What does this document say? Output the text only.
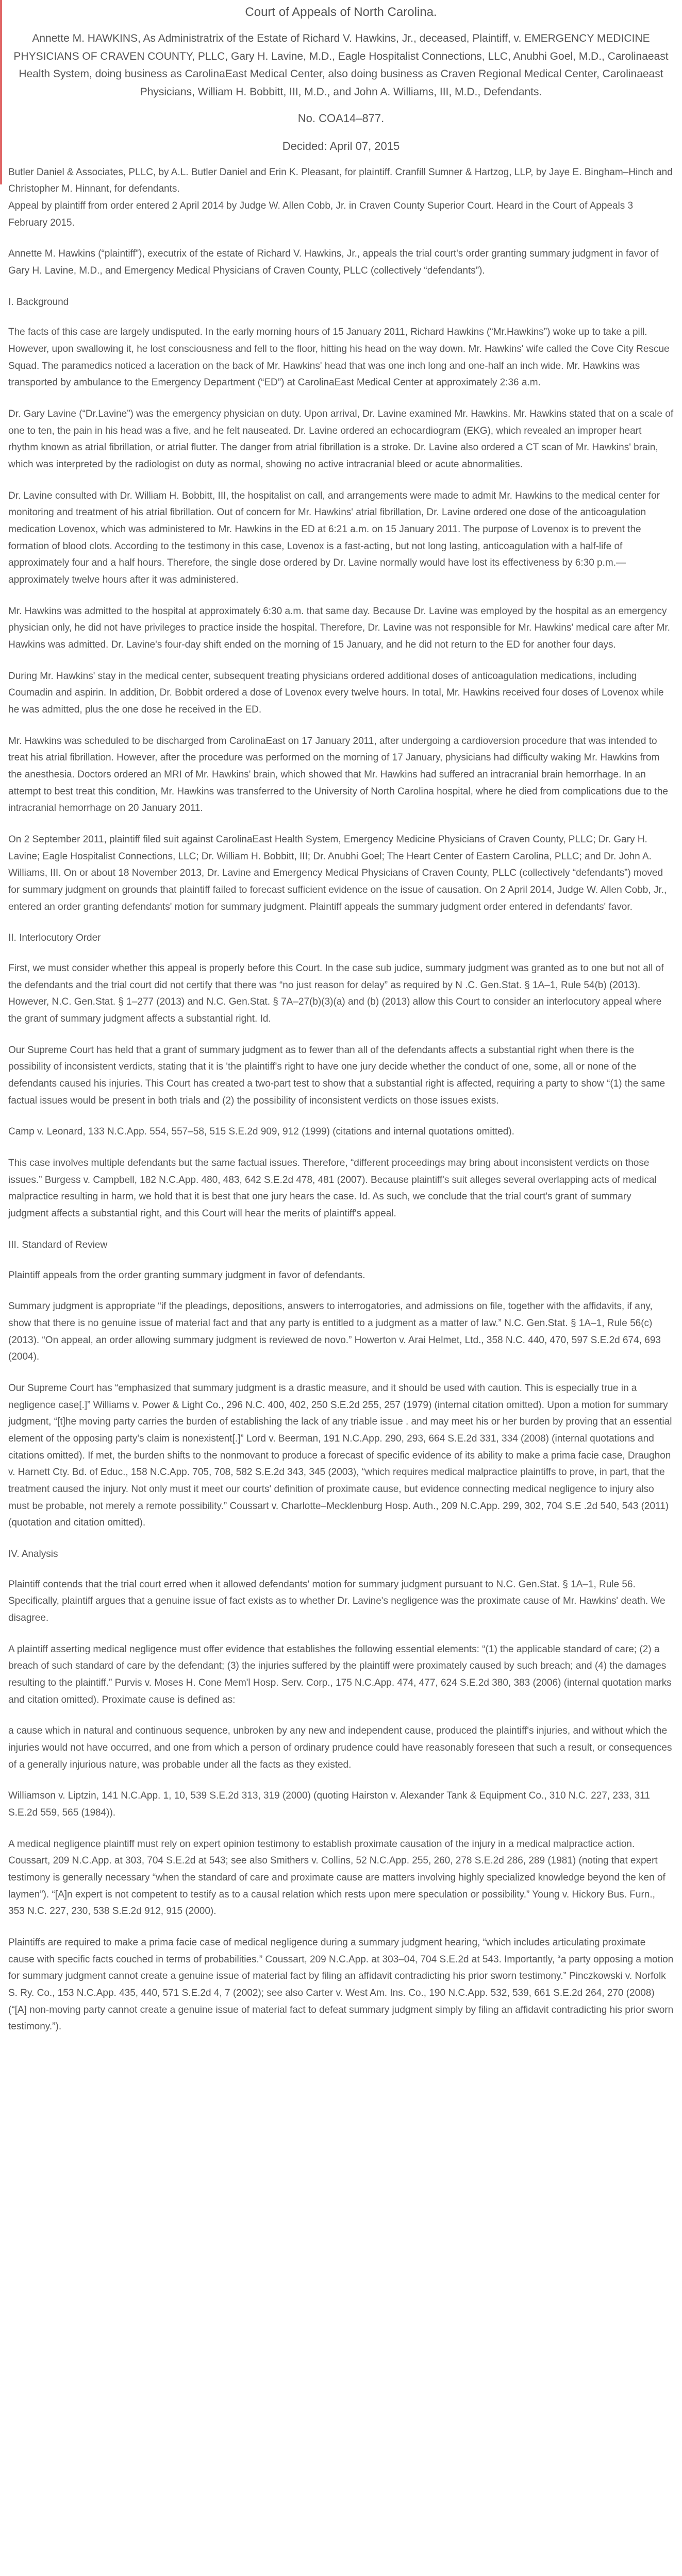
Court of Appeals of North Carolina.
Annette M. HAWKINS, As Administratrix of the Estate of Richard V. Hawkins, Jr., deceased, Plaintiff, v. EMERGENCY MEDICINE PHYSICIANS OF CRAVEN COUNTY, PLLC, Gary H. Lavine, M.D., Eagle Hospitalist Connections, LLC, Anubhi Goel, M.D., Carolinaeast Health System, doing business as CarolinaEast Medical Center, also doing business as Craven Regional Medical Center, Carolinaeast Physicians, William H. Bobbitt, III, M.D., and John A. Williams, III, M.D., Defendants.
No. COA14–877.
Decided: April 07, 2015

Butler Daniel & Associates, PLLC, by A.L. Butler Daniel and Erin K. Pleasant, for plaintiff. Cranfill Sumner & Hartzog, LLP, by Jaye E. Bingham–Hinch and Christopher M. Hinnant, for defendants.
Appeal by plaintiff from order entered 2 April 2014 by Judge W. Allen Cobb, Jr. in Craven County Superior Court. Heard in the Court of Appeals 3 February 2015.

Annette M. Hawkins (“plaintiff”), executrix of the estate of Richard V. Hawkins, Jr., appeals the trial court's order granting summary judgment in favor of Gary H. Lavine, M.D., and Emergency Medical Physicians of Craven County, PLLC (collectively “defendants”).

I. Background

The facts of this case are largely undisputed. In the early morning hours of 15 January 2011, Richard Hawkins (“Mr.Hawkins”) woke up to take a pill. However, upon swallowing it, he lost consciousness and fell to the floor, hitting his head on the way down. Mr. Hawkins' wife called the Cove City Rescue Squad. The paramedics noticed a laceration on the back of Mr. Hawkins' head that was one inch long and one-half an inch wide. Mr. Hawkins was transported by ambulance to the Emergency Department (“ED”) at CarolinaEast Medical Center at approximately 2:36 a.m.

Dr. Gary Lavine (“Dr.Lavine”) was the emergency physician on duty. Upon arrival, Dr. Lavine examined Mr. Hawkins. Mr. Hawkins stated that on a scale of one to ten, the pain in his head was a five, and he felt nauseated. Dr. Lavine ordered an echocardiogram (EKG), which revealed an improper heart rhythm known as atrial fibrillation, or atrial flutter. The danger from atrial fibrillation is a stroke. Dr. Lavine also ordered a CT scan of Mr. Hawkins' brain, which was interpreted by the radiologist on duty as normal, showing no active intracranial bleed or acute abnormalities.

Dr. Lavine consulted with Dr. William H. Bobbitt, III, the hospitalist on call, and arrangements were made to admit Mr. Hawkins to the medical center for monitoring and treatment of his atrial fibrillation. Out of concern for Mr. Hawkins' atrial fibrillation, Dr. Lavine ordered one dose of the anticoagulation medication Lovenox, which was administered to Mr. Hawkins in the ED at 6:21 a.m. on 15 January 2011. The purpose of Lovenox is to prevent the formation of blood clots. According to the testimony in this case, Lovenox is a fast-acting, but not long lasting, anticoagulation with a half-life of approximately four and a half hours. Therefore, the single dose ordered by Dr. Lavine normally would have lost its effectiveness by 6:30 p.m.—approximately twelve hours after it was administered.

Mr. Hawkins was admitted to the hospital at approximately 6:30 a.m. that same day. Because Dr. Lavine was employed by the hospital as an emergency physician only, he did not have privileges to practice inside the hospital. Therefore, Dr. Lavine was not responsible for Mr. Hawkins' medical care after Mr. Hawkins was admitted. Dr. Lavine's four-day shift ended on the morning of 15 January, and he did not return to the ED for another four days.

During Mr. Hawkins' stay in the medical center, subsequent treating physicians ordered additional doses of anticoagulation medications, including Coumadin and aspirin. In addition, Dr. Bobbit ordered a dose of Lovenox every twelve hours. In total, Mr. Hawkins received four doses of Lovenox while he was admitted, plus the one dose he received in the ED.

Mr. Hawkins was scheduled to be discharged from CarolinaEast on 17 January 2011, after undergoing a cardioversion procedure that was intended to treat his atrial fibrillation. However, after the procedure was performed on the morning of 17 January, physicians had difficulty waking Mr. Hawkins from the anesthesia. Doctors ordered an MRI of Mr. Hawkins' brain, which showed that Mr. Hawkins had suffered an intracranial brain hemorrhage. In an attempt to best treat this condition, Mr. Hawkins was transferred to the University of North Carolina hospital, where he died from complications due to the intracranial hemorrhage on 20 January 2011.

On 2 September 2011, plaintiff filed suit against CarolinaEast Health System, Emergency Medicine Physicians of Craven County, PLLC; Dr. Gary H. Lavine; Eagle Hospitalist Connections, LLC; Dr. William H. Bobbitt, III; Dr. Anubhi Goel; The Heart Center of Eastern Carolina, PLLC; and Dr. John A. Williams, III. On or about 18 November 2013, Dr. Lavine and Emergency Medical Physicians of Craven County, PLLC (collectively “defendants”) moved for summary judgment on grounds that plaintiff failed to forecast sufficient evidence on the issue of causation. On 2 April 2014, Judge W. Allen Cobb, Jr., entered an order granting defendants' motion for summary judgment. Plaintiff appeals the summary judgment order entered in defendants' favor.

II. Interlocutory Order

First, we must consider whether this appeal is properly before this Court. In the case sub judice, summary judgment was granted as to one but not all of the defendants and the trial court did not certify that there was “no just reason for delay” as required by N .C. Gen.Stat. § 1A–1, Rule 54(b) (2013). However, N.C. Gen.Stat. § 1–277 (2013) and N.C. Gen.Stat. § 7A–27(b)(3)(a) and (b) (2013) allow this Court to consider an interlocutory appeal where the grant of summary judgment affects a substantial right. Id.

Our Supreme Court has held that a grant of summary judgment as to fewer than all of the defendants affects a substantial right when there is the possibility of inconsistent verdicts, stating that it is 'the plaintiff's right to have one jury decide whether the conduct of one, some, all or none of the defendants caused his injuries. This Court has created a two-part test to show that a substantial right is affected, requiring a party to show “(1) the same factual issues would be present in both trials and (2) the possibility of inconsistent verdicts on those issues exists.

Camp v. Leonard, 133 N.C.App. 554, 557–58, 515 S.E.2d 909, 912 (1999) (citations and internal quotations omitted).

This case involves multiple defendants but the same factual issues. Therefore, “different proceedings may bring about inconsistent verdicts on those issues.” Burgess v. Campbell, 182 N.C.App. 480, 483, 642 S.E.2d 478, 481 (2007). Because plaintiff's suit alleges several overlapping acts of medical malpractice resulting in harm, we hold that it is best that one jury hears the case. Id. As such, we conclude that the trial court's grant of summary judgment affects a substantial right, and this Court will hear the merits of plaintiff's appeal.

III. Standard of Review

Plaintiff appeals from the order granting summary judgment in favor of defendants.

Summary judgment is appropriate “if the pleadings, depositions, answers to interrogatories, and admissions on file, together with the affidavits, if any, show that there is no genuine issue of material fact and that any party is entitled to a judgment as a matter of law.” N.C. Gen.Stat. § 1A–1, Rule 56(c) (2013). “On appeal, an order allowing summary judgment is reviewed de novo.” Howerton v. Arai Helmet, Ltd., 358 N.C. 440, 470, 597 S.E.2d 674, 693 (2004).

Our Supreme Court has “emphasized that summary judgment is a drastic measure, and it should be used with caution. This is especially true in a negligence case[.]” Williams v. Power & Light Co., 296 N.C. 400, 402, 250 S.E.2d 255, 257 (1979) (internal citation omitted). Upon a motion for summary judgment, “[t]he moving party carries the burden of establishing the lack of any triable issue . and may meet his or her burden by proving that an essential element of the opposing party's claim is nonexistent[.]” Lord v. Beerman, 191 N.C.App. 290, 293, 664 S.E.2d 331, 334 (2008) (internal quotations and citations omitted). If met, the burden shifts to the nonmovant to produce a forecast of specific evidence of its ability to make a prima facie case, Draughon v. Harnett Cty. Bd. of Educ., 158 N.C.App. 705, 708, 582 S.E.2d 343, 345 (2003), “which requires medical malpractice plaintiffs to prove, in part, that the treatment caused the injury. Not only must it meet our courts' definition of proximate cause, but evidence connecting medical negligence to injury also must be probable, not merely a remote possibility.” Coussart v. Charlotte–Mecklenburg Hosp. Auth., 209 N.C.App. 299, 302, 704 S.E .2d 540, 543 (2011) (quotation and citation omitted).

IV. Analysis

Plaintiff contends that the trial court erred when it allowed defendants' motion for summary judgment pursuant to N.C. Gen.Stat. § 1A–1, Rule 56. Specifically, plaintiff argues that a genuine issue of fact exists as to whether Dr. Lavine's negligence was the proximate cause of Mr. Hawkins' death. We disagree.

A plaintiff asserting medical negligence must offer evidence that establishes the following essential elements: “(1) the applicable standard of care; (2) a breach of such standard of care by the defendant; (3) the injuries suffered by the plaintiff were proximately caused by such breach; and (4) the damages resulting to the plaintiff.” Purvis v. Moses H. Cone Mem'l Hosp. Serv. Corp., 175 N.C.App. 474, 477, 624 S.E.2d 380, 383 (2006) (internal quotation marks and citation omitted). Proximate cause is defined as:

a cause which in natural and continuous sequence, unbroken by any new and independent cause, produced the plaintiff's injuries, and without which the injuries would not have occurred, and one from which a person of ordinary prudence could have reasonably foreseen that such a result, or consequences of a generally injurious nature, was probable under all the facts as they existed.

Williamson v. Liptzin, 141 N.C.App. 1, 10, 539 S.E.2d 313, 319 (2000) (quoting Hairston v. Alexander Tank & Equipment Co., 310 N.C. 227, 233, 311 S.E.2d 559, 565 (1984)).

A medical negligence plaintiff must rely on expert opinion testimony to establish proximate causation of the injury in a medical malpractice action. Coussart, 209 N.C.App. at 303, 704 S.E.2d at 543; see also Smithers v. Collins, 52 N.C.App. 255, 260, 278 S.E.2d 286, 289 (1981) (noting that expert testimony is generally necessary “when the standard of care and proximate cause are matters involving highly specialized knowledge beyond the ken of laymen”). “[A]n expert is not competent to testify as to a causal relation which rests upon mere speculation or possibility.” Young v. Hickory Bus. Furn., 353 N.C. 227, 230, 538 S.E.2d 912, 915 (2000).

Plaintiffs are required to make a prima facie case of medical negligence during a summary judgment hearing, “which includes articulating proximate cause with specific facts couched in terms of probabilities.” Coussart, 209 N.C.App. at 303–04, 704 S.E.2d at 543. Importantly, “a party opposing a motion for summary judgment cannot create a genuine issue of material fact by filing an affidavit contradicting his prior sworn testimony.” Pinczkowski v. Norfolk S. Ry. Co., 153 N.C.App. 435, 440, 571 S.E.2d 4, 7 (2002); see also Carter v. West Am. Ins. Co., 190 N.C.App. 532, 539, 661 S.E.2d 264, 270 (2008) (“[A] non-moving party cannot create a genuine issue of material fact to defeat summary judgment simply by filing an affidavit contradicting his prior sworn testimony.”).
